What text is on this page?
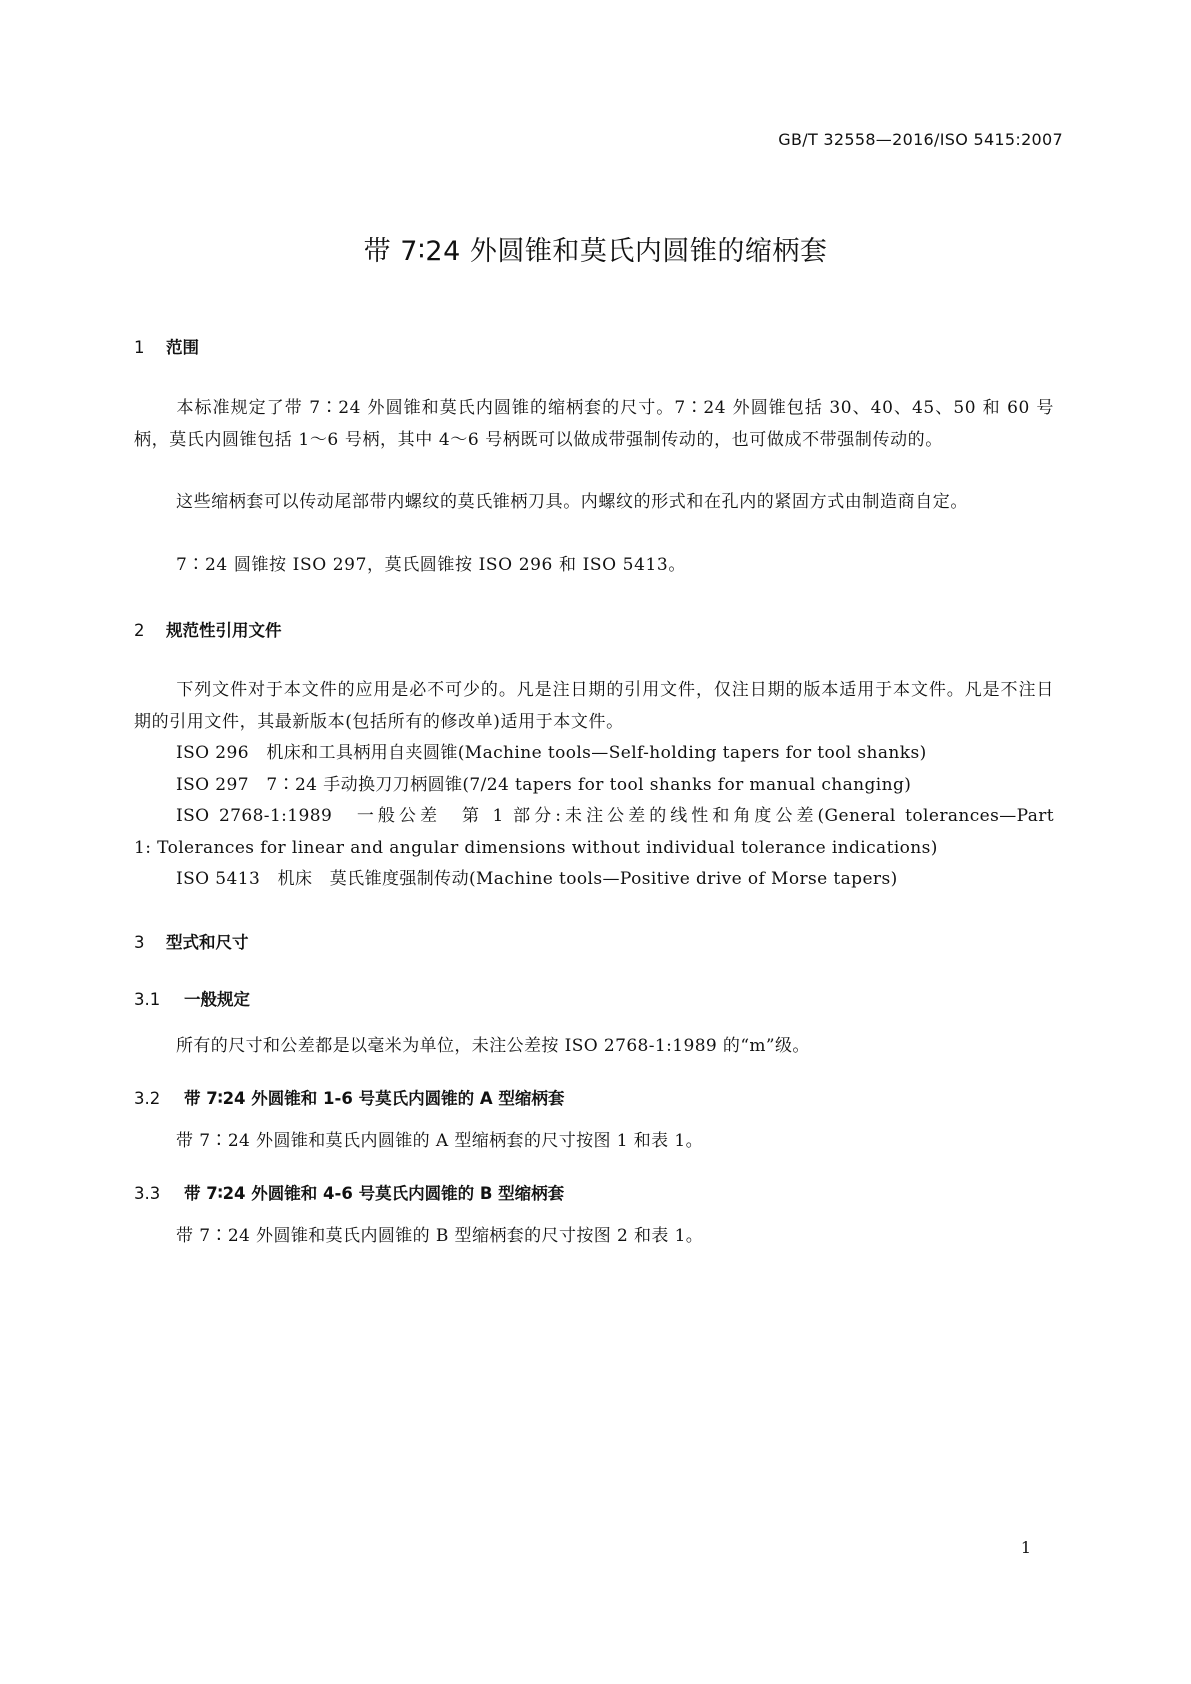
GB/T 32558—2016/ISO 5415:2007
带 7∶24 外圆锥和莫氏内圆锥的缩柄套
1 范围

本标准规定了带 7∶24 外圆锥和莫氏内圆锥的缩柄套的尺寸。7∶24 外圆锥包括 30、40、45、50 和 60 号柄，莫氏内圆锥包括 1～6 号柄，其中 4～6 号柄既可以做成带强制传动的，也可做成不带强制传动的。

这些缩柄套可以传动尾部带内螺纹的莫氏锥柄刀具。内螺纹的形式和在孔内的紧固方式由制造商自定。

7∶24 圆锥按 ISO 297，莫氏圆锥按 ISO 296 和 ISO 5413。

2 规范性引用文件

下列文件对于本文件的应用是必不可少的。凡是注日期的引用文件，仅注日期的版本适用于本文件。凡是不注日期的引用文件，其最新版本(包括所有的修改单)适用于本文件。

ISO 296　机床和工具柄用自夹圆锥(Machine tools—Self-holding tapers for tool shanks)
ISO 297　7∶24 手动换刀刀柄圆锥(7/24 tapers for tool shanks for manual changing)
ISO 2768-1:1989　一般公差　第 1 部分:未注公差的线性和角度公差(General tolerances—Part
1: Tolerances for linear and angular dimensions without individual tolerance indications)
ISO 5413　机床　莫氏锥度强制传动(Machine tools—Positive drive of Morse tapers)
3 型式和尺寸
3.1 一般规定
所有的尺寸和公差都是以毫米为单位，未注公差按 ISO 2768-1:1989 的“m”级。
3.2 带 7∶24 外圆锥和 1-6 号莫氏内圆锥的 A 型缩柄套
带 7∶24 外圆锥和莫氏内圆锥的 A 型缩柄套的尺寸按图 1 和表 1。
3.3 带 7∶24 外圆锥和 4-6 号莫氏内圆锥的 B 型缩柄套
带 7∶24 外圆锥和莫氏内圆锥的 B 型缩柄套的尺寸按图 2 和表 1。
1
